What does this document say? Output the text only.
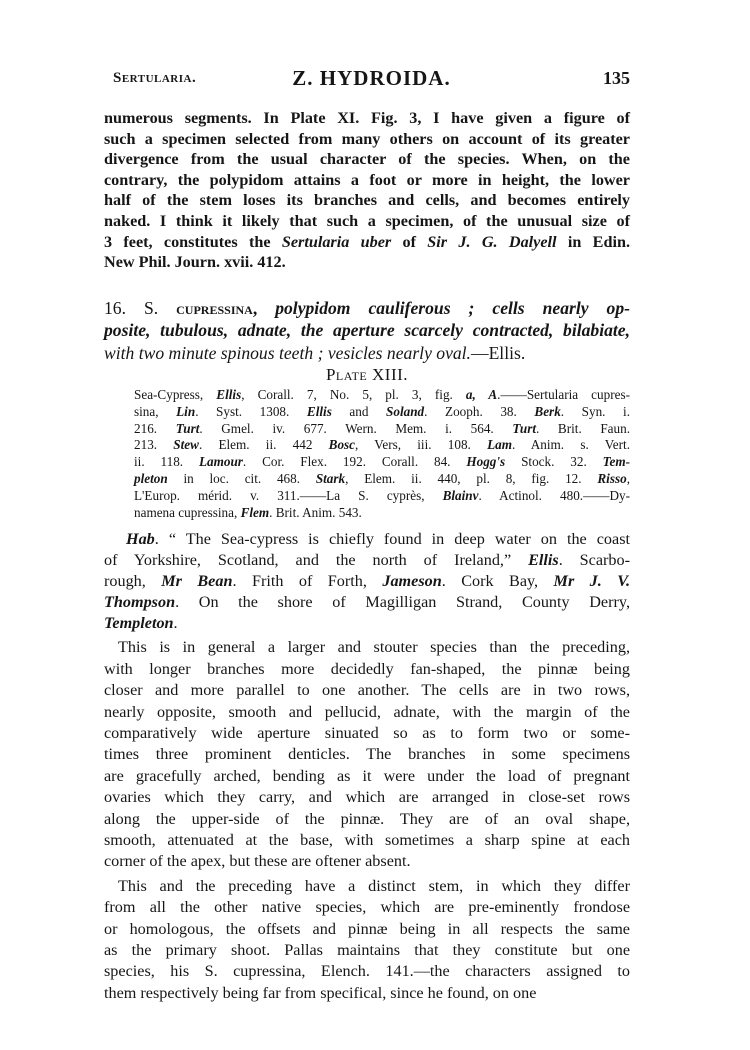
Sertularia.	Z. HYDROIDA.	135
numerous segments. In Plate XI. Fig. 3, I have given a figure of
such a specimen selected from many others on account of its greater
divergence from the usual character of the species. When, on the
contrary, the polypidom attains a foot or more in height, the lower
half of the stem loses its branches and cells, and becomes entirely
naked. I think it likely that such a specimen, of the unusual size of
3 feet, constitutes the Sertularia uber of Sir J. G. Dalyell in Edin.
New Phil. Journ. xvii. 412.
16. S. cupressina, polypidom cauliferous ; cells nearly op-
posite, tubulous, adnate, the aperture scarcely contracted, bilabiate,
with two minute spinous teeth ; vesicles nearly oval.—Ellis.
Plate XIII.
Sea-Cypress, Ellis, Corall. 7, No. 5, pl. 3, fig. a, A.——Sertularia cupres-
sina, Lin. Syst. 1308. Ellis and Soland. Zooph. 38. Berk. Syn. i.
216. Turt. Gmel. iv. 677. Wern. Mem. i. 564. Turt. Brit. Faun.
213. Stew. Elem. ii. 442 Bosc, Vers, iii. 108. Lam. Anim. s. Vert.
ii. 118. Lamour. Cor. Flex. 192. Corall. 84. Hogg's Stock. 32. Tem-
pleton in loc. cit. 468. Stark, Elem. ii. 440, pl. 8, fig. 12. Risso,
L'Europ. mérid. v. 311.——La S. cyprès, Blainv. Actinol. 480.——Dy-
namena cupressina, Flem. Brit. Anim. 543.
Hab. “ The Sea-cypress is chiefly found in deep water on the coast
of Yorkshire, Scotland, and the north of Ireland,” Ellis. Scarbo-
rough, Mr Bean. Frith of Forth, Jameson. Cork Bay, Mr J. V.
Thompson. On the shore of Magilligan Strand, County Derry,
Templeton.
This is in general a larger and stouter species than the preceding,
with longer branches more decidedly fan-shaped, the pinnæ being
closer and more parallel to one another. The cells are in two rows,
nearly opposite, smooth and pellucid, adnate, with the margin of the
comparatively wide aperture sinuated so as to form two or some-
times three prominent denticles. The branches in some specimens
are gracefully arched, bending as it were under the load of pregnant
ovaries which they carry, and which are arranged in close-set rows
along the upper-side of the pinnæ. They are of an oval shape,
smooth, attenuated at the base, with sometimes a sharp spine at each
corner of the apex, but these are oftener absent.
This and the preceding have a distinct stem, in which they differ
from all the other native species, which are pre-eminently frondose
or homologous, the offsets and pinnæ being in all respects the same
as the primary shoot. Pallas maintains that they constitute but one
species, his S. cupressina, Elench. 141.—the characters assigned to
them respectively being far from specifical, since he found, on one
